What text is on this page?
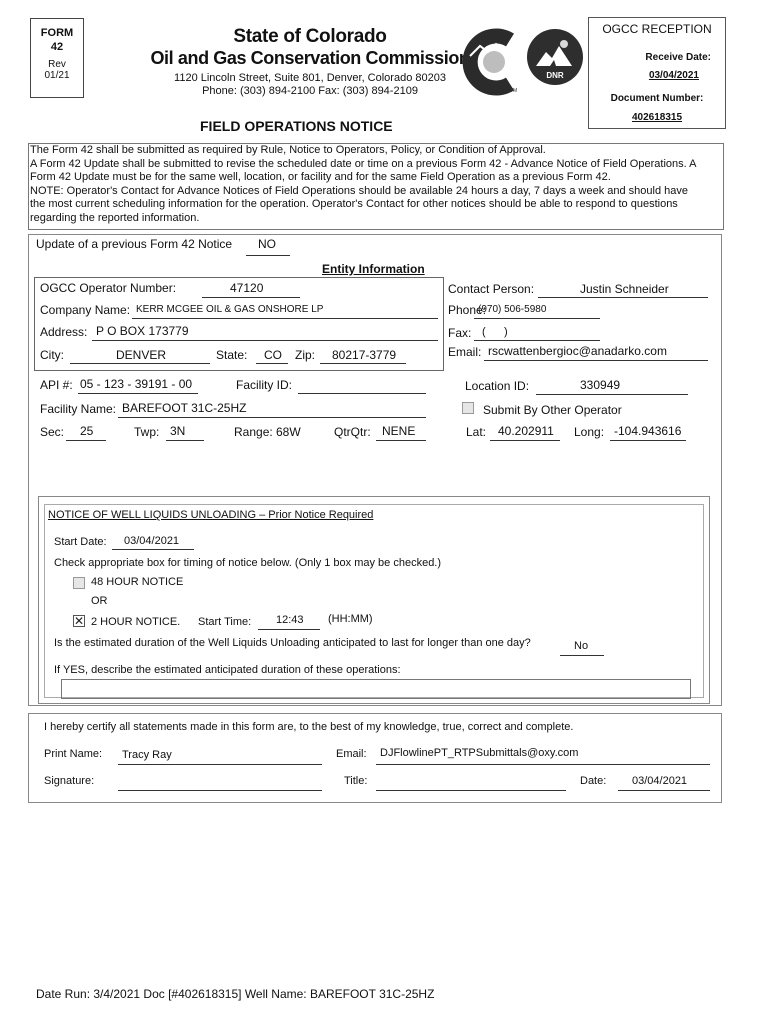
FORM
42
Rev
01/21
State of Colorado
Oil and Gas Conservation Commission
1120 Lincoln Street, Suite 801, Denver, Colorado 80203
Phone: (303) 894-2100 Fax: (303) 894-2109	TM
DNR
OGCC RECEPTION
Receive Date:
03/04/2021
Document Number:
402618315
FIELD OPERATIONS NOTICE
The Form 42 shall be submitted as required by Rule, Notice to Operators, Policy, or Condition of Approval.
A Form 42 Update shall be submitted to revise the scheduled date or time on a previous Form 42 - Advance Notice of Field Operations. A
Form 42 Update must be for the same well, location, or facility and for the same Field Operation as a previous Form 42.
NOTE: Operator's Contact for Advance Notices of Field Operations should be available 24 hours a day, 7 days a week and should have
the most current scheduling information for the operation. Operator's Contact for other notices should be able to respond to questions
regarding the reported information.
Update of a previous Form 42 Notice NO
Entity Information
OGCC Operator Number:	47120	Contact Person:	Justin Schneider
Company Name: KERR MCGEE OIL & GAS ONSHORE LP	Phone:
(970) 506-5980
Address: P O BOX 173779	Fax: (      )
City:	DENVER	State: CO Zip: 80217-3779	Email: rscwattenbergioc@anadarko.com
API #: 05 - 123 - 39191 - 00	Facility ID:	Location ID:	330949
Facility Name: BAREFOOT 31C-25HZ	Submit By Other Operator
Sec: 25	Twp: 3N	Range: 68W	QtrQtr: NENE	Lat: 40.202911 Long: -104.943616
NOTICE OF WELL LIQUIDS UNLOADING – Prior Notice Required
Start Date: 03/04/2021
Check appropriate box for timing of notice below. (Only 1 box may be checked.)
48 HOUR NOTICE
OR
✕ 2 HOUR NOTICE. Start Time: 12:43 (HH:MM)
Is the estimated duration of the Well Liquids Unloading anticipated to last for longer than one day?	No
If YES, describe the estimated anticipated duration of these operations:
I hereby certify all statements made in this form are, to the best of my knowledge, true, correct and complete.
Print Name: Tracy Ray	Email: DJFlowlinePT_RTPSubmittals@oxy.com
Signature:	Title:	Date: 03/04/2021
Date Run: 3/4/2021 Doc [#402618315] Well Name: BAREFOOT 31C-25HZ
